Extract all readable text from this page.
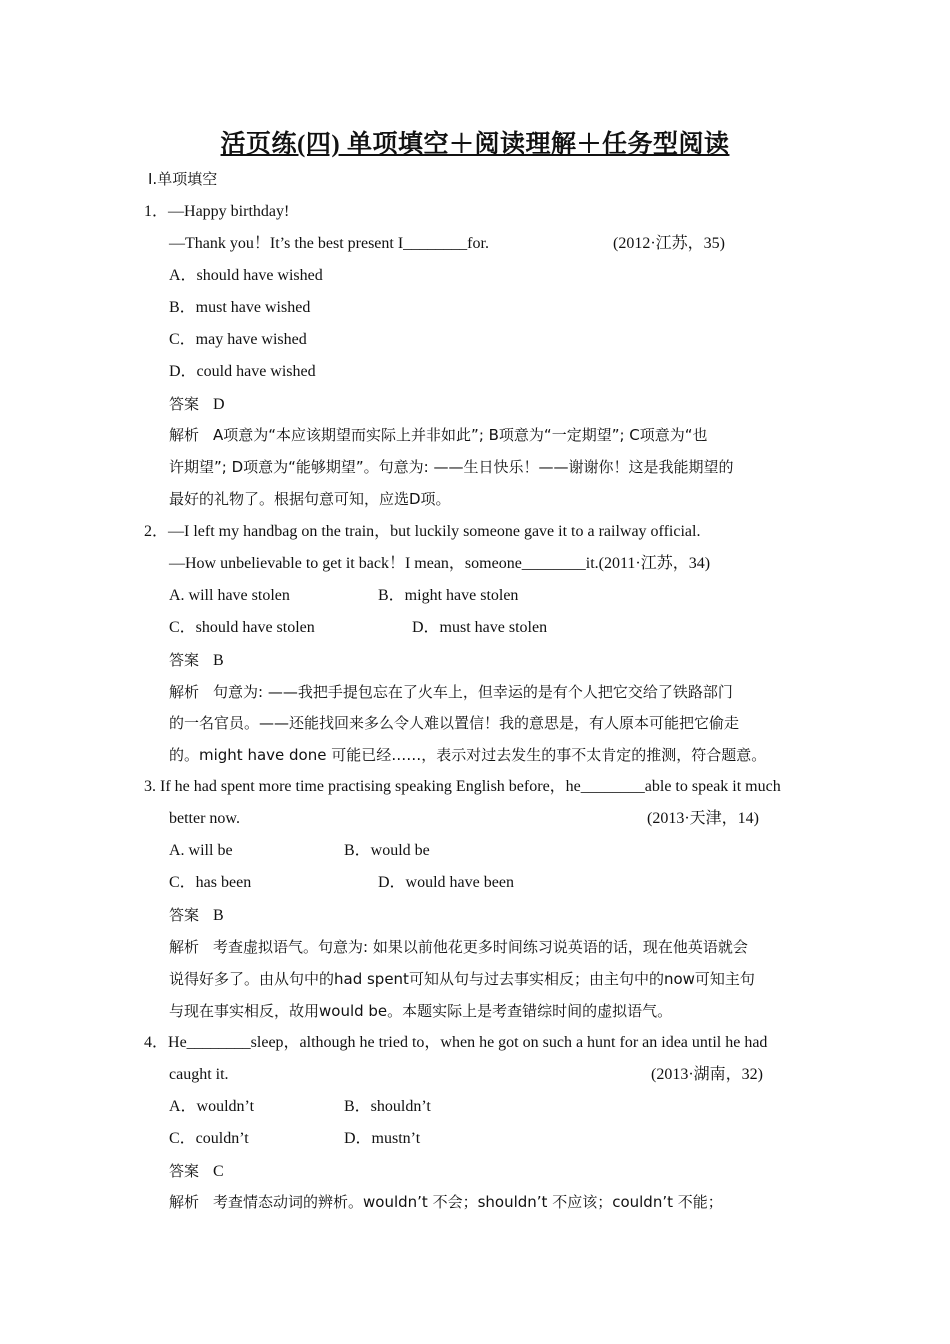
活页练(四) 单项填空＋阅读理解＋任务型阅读
Ⅰ.单项填空
1．—Happy birthday!
—Thank you！It’s the best present I________for.	(2012·江苏，35)
A．should have wished
B．must have wished
C．may have wished
D．could have wished
答案 D
解析 A项意为“本应该期望而实际上并非如此”; B项意为“一定期望”; C项意为“也
许期望”; D项意为“能够期望”。句意为: ——生日快乐！——谢谢你！这是我能期望的
最好的礼物了。根据句意可知，应选D项。
2．—I left my handbag on the train，but luckily someone gave it to a railway official.
—How unbelievable to get it back！I mean，someone________it.(2011·江苏，34)
A. will have stolen	B．might have stolen
C．should have stolen	D．must have stolen
答案 B
解析 句意为: ——我把手提包忘在了火车上，但幸运的是有个人把它交给了铁路部门
的一名官员。——还能找回来多么令人难以置信！我的意思是，有人原本可能把它偷走
的。might have done 可能已经……，表示对过去发生的事不太肯定的推测，符合题意。
3. If he had spent more time practising speaking English before，he________able to speak it much
better now.	(2013·天津，14)
A. will be	B．would be
C．has been	D．would have been
答案 B
解析 考查虚拟语气。句意为: 如果以前他花更多时间练习说英语的话，现在他英语就会
说得好多了。由从句中的had spent可知从句与过去事实相反；由主句中的now可知主句
与现在事实相反，故用would be。本题实际上是考查错综时间的虚拟语气。
4．He________sleep，although he tried to，when he got on such a hunt for an idea until he had
caught it.	(2013·湖南，32)
A．wouldn’t	B．shouldn’t
C．couldn’t	D．mustn’t
答案 C
解析 考查情态动词的辨析。wouldn’t 不会；shouldn’t 不应该；couldn’t 不能；
